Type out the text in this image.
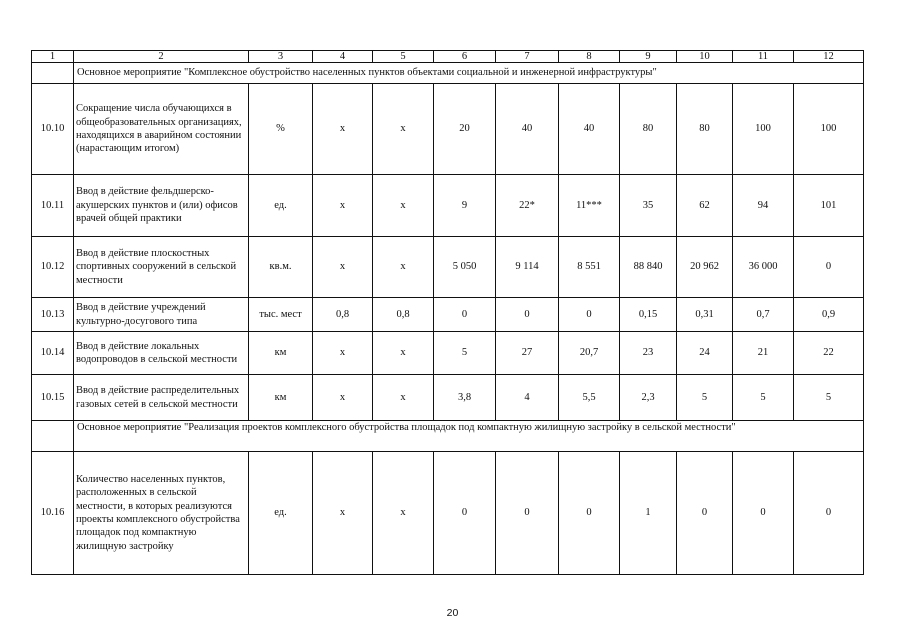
1	2	3	4	5	6	7	8	9	10	11	12
	Основное мероприятие "Комплексное обустройство населенных пунктов объектами социальной и инженерной инфраструктуры"										
10.10	Сокращение числа обучающихся в общеобразовательных организациях, находящихся в аварийном состоянии (нарастающим итогом)	%	х	х	20	40	40	80	80	100	100
10.11	Ввод в действие фельдшерско-акушерских пунктов и (или) офисов врачей общей практики	ед.	х	х	9	22*	11***	35	62	94	101
10.12	Ввод в действие плоскостных спортивных сооружений в сельской местности	кв.м.	х	х	5 050	9 114	8 551	88 840	20 962	36 000	0
10.13	Ввод в действие учреждений культурно-досугового типа	тыс. мест	0,8	0,8	0	0	0	0,15	0,31	0,7	0,9
10.14	Ввод в действие локальных водопроводов в сельской местности	км	х	х	5	27	20,7	23	24	21	22
10.15	Ввод в действие распределительных газовых сетей в сельской местности	км	х	х	3,8	4	5,5	2,3	5	5	5
	Основное мероприятие "Реализация проектов комплексного обустройства площадок под компактную жилищную застройку в сельской местности"										
10.16	Количество населенных пунктов, расположенных в сельской местности, в которых реализуются проекты комплексного обустройства площадок под компактную жилищную застройку	ед.	х	х	0	0	0	1	0	0	0
20
